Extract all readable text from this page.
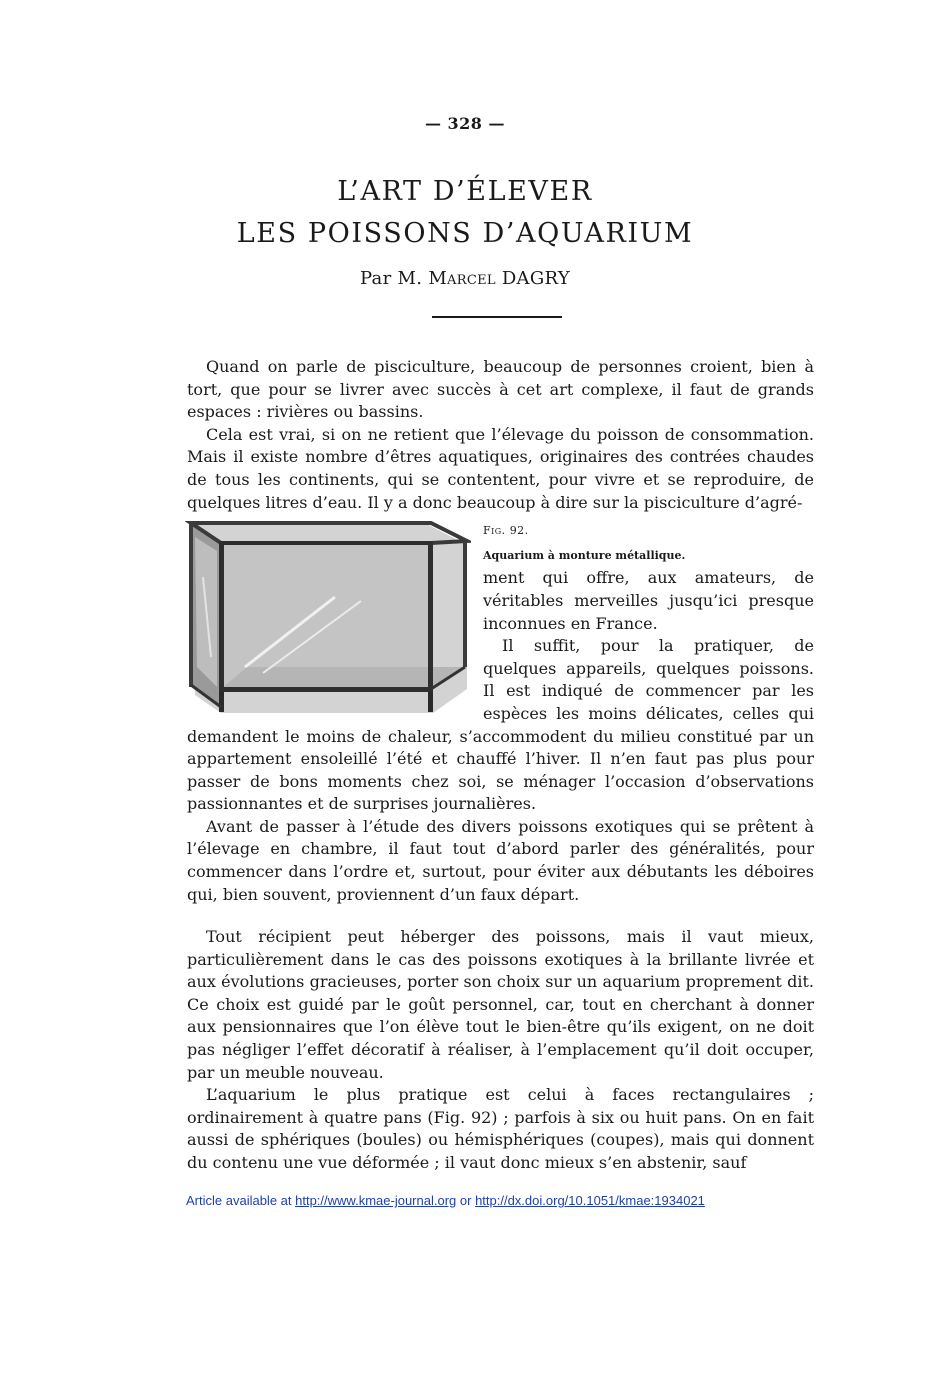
— 328 —
L’ART D’ÉLEVER
LES POISSONS D’AQUARIUM
Par M. Marcel DAGRY

Quand on parle de pisciculture, beaucoup de personnes croient, bien à tort, que pour se livrer avec succès à cet art complexe, il faut de grands espaces : rivières ou bassins.

Cela est vrai, si on ne retient que l’élevage du poisson de consommation. Mais il existe nombre d’êtres aquatiques, originaires des contrées chaudes de tous les continents, qui se contentent, pour vivre et se reproduire, de quelques litres d’eau. Il y a donc beaucoup à dire sur la pisciculture d’agré-

Fig. 92.
Aquarium à monture métallique.
ment qui offre, aux amateurs, de véritables merveilles jusqu’ici presque inconnues en France.

Il suffit, pour la pratiquer, de quelques appareils, quelques poissons. Il est indiqué de commencer par les espèces les moins délicates, celles qui demandent le moins de chaleur, s’accommodent du milieu constitué par un appartement ensoleillé l’été et chauffé l’hiver. Il n’en faut pas plus pour passer de bons moments chez soi, se ménager l’occasion d’observations passionnantes et de surprises journalières.

Avant de passer à l’étude des divers poissons exotiques qui se prêtent à l’élevage en chambre, il faut tout d’abord parler des généralités, pour commencer dans l’ordre et, surtout, pour éviter aux débutants les déboires qui, bien souvent, proviennent d’un faux départ.

Tout récipient peut héberger des poissons, mais il vaut mieux, particulièrement dans le cas des poissons exotiques à la brillante livrée et aux évolutions gracieuses, porter son choix sur un aquarium proprement dit. Ce choix est guidé par le goût personnel, car, tout en cherchant à donner aux pensionnaires que l’on élève tout le bien-être qu’ils exigent, on ne doit pas négliger l’effet décoratif à réaliser, à l’emplacement qu’il doit occuper, par un meuble nouveau.

L’aquarium le plus pratique est celui à faces rectangulaires ; ordinairement à quatre pans (Fig. 92) ; parfois à six ou huit pans. On en fait aussi de sphériques (boules) ou hémisphériques (coupes), mais qui donnent du contenu une vue déformée ; il vaut donc mieux s’en abstenir, sauf

Article available at http://www.kmae-journal.org or http://dx.doi.org/10.1051/kmae:1934021
